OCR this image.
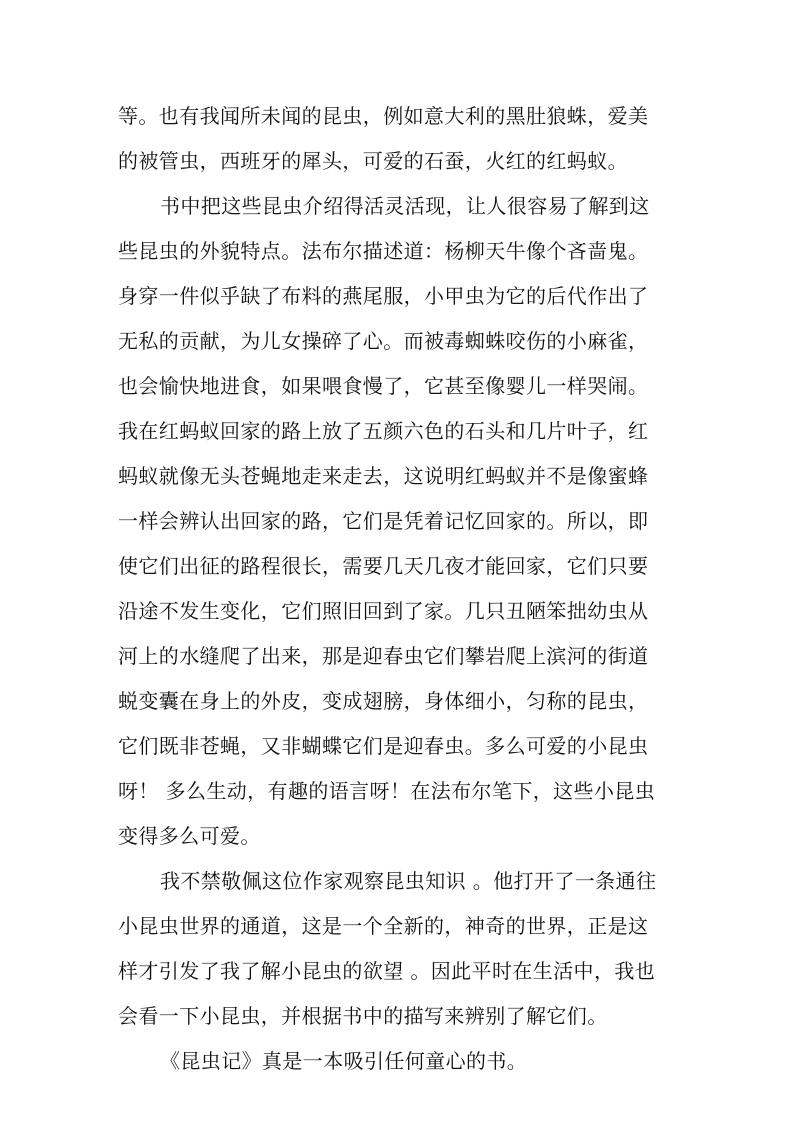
等。也有我闻所未闻的昆虫，例如意大利的黑肚狼蛛，爱美
的被管虫，西班牙的犀头，可爱的石蚕，火红的红蚂蚁。
书中把这些昆虫介绍得活灵活现，让人很容易了解到这
些昆虫的外貌特点。法布尔描述道：杨柳天牛像个吝啬鬼。
身穿一件似乎缺了布料的燕尾服，小甲虫为它的后代作出了
无私的贡献，为儿女操碎了心。而被毒蜘蛛咬伤的小麻雀，
也会愉快地进食，如果喂食慢了，它甚至像婴儿一样哭闹。
我在红蚂蚁回家的路上放了五颜六色的石头和几片叶子，红
蚂蚁就像无头苍蝇地走来走去，这说明红蚂蚁并不是像蜜蜂
一样会辨认出回家的路，它们是凭着记忆回家的。所以，即
使它们出征的路程很长，需要几天几夜才能回家，它们只要
沿途不发生变化，它们照旧回到了家。几只丑陋笨拙幼虫从
河上的水缝爬了出来，那是迎春虫它们攀岩爬上滨河的街道
蜕变囊在身上的外皮，变成翅膀，身体细小，匀称的昆虫，
它们既非苍蝇，又非蝴蝶它们是迎春虫。多么可爱的小昆虫
呀！ 多么生动，有趣的语言呀！在法布尔笔下，这些小昆虫
变得多么可爱。
我不禁敬佩这位作家观察昆虫知识 。他打开了一条通往
小昆虫世界的通道，这是一个全新的，神奇的世界，正是这
样才引发了我了解小昆虫的欲望 。因此平时在生活中，我也
会看一下小昆虫，并根据书中的描写来辨别了解它们。
《昆虫记》真是一本吸引任何童心的书。
